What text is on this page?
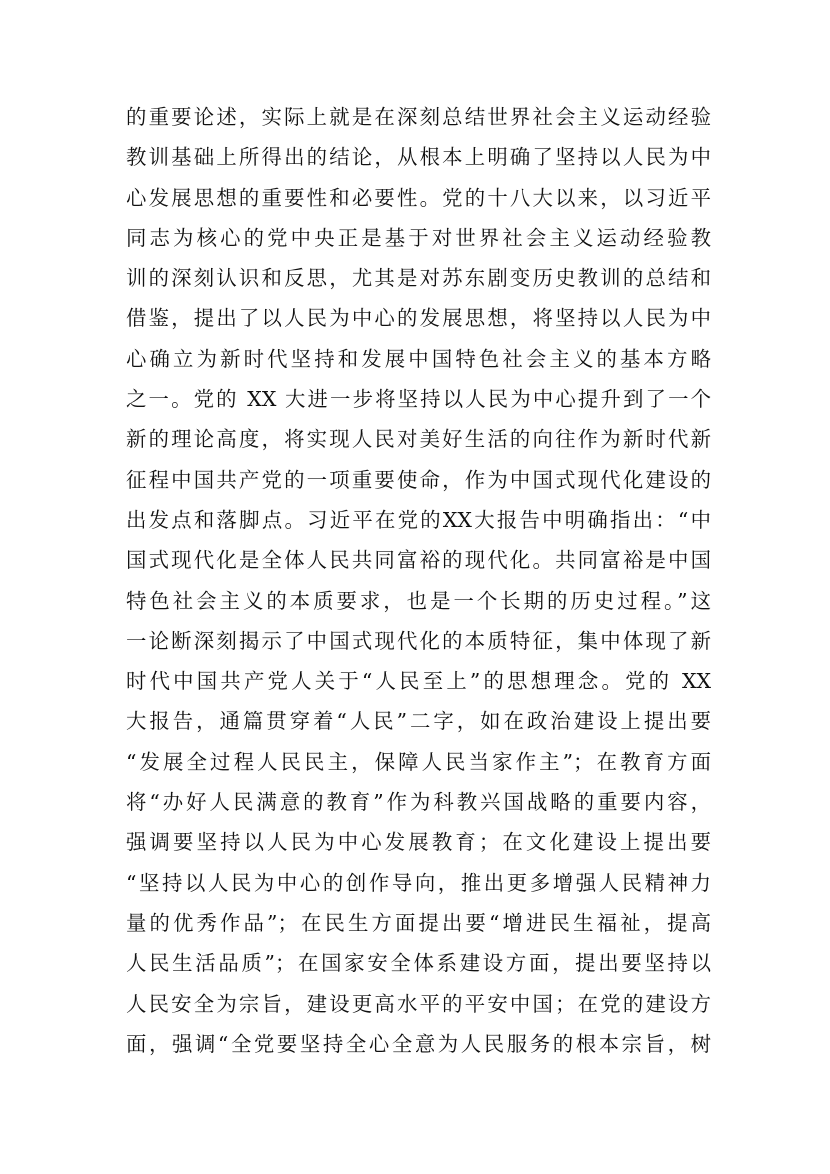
的重要论述，实际上就是在深刻总结世界社会主义运动经验
教训基础上所得出的结论，从根本上明确了坚持以人民为中
心发展思想的重要性和必要性。党的十八大以来，以习近平
同志为核心的党中央正是基于对世界社会主义运动经验教
训的深刻认识和反思，尤其是对苏东剧变历史教训的总结和
借鉴，提出了以人民为中心的发展思想，将坚持以人民为中
心确立为新时代坚持和发展中国特色社会主义的基本方略
之一。党的 XX 大进一步将坚持以人民为中心提升到了一个
新的理论高度，将实现人民对美好生活的向往作为新时代新
征程中国共产党的一项重要使命，作为中国式现代化建设的
出发点和落脚点。习近平在党的XX大报告中明确指出：“中
国式现代化是全体人民共同富裕的现代化。共同富裕是中国
特色社会主义的本质要求，也是一个长期的历史过程。”这
一论断深刻揭示了中国式现代化的本质特征，集中体现了新
时代中国共产党人关于“人民至上”的思想理念。党的 XX
大报告，通篇贯穿着“人民”二字，如在政治建设上提出要
“发展全过程人民民主，保障人民当家作主”；在教育方面
将“办好人民满意的教育”作为科教兴国战略的重要内容，
强调要坚持以人民为中心发展教育；在文化建设上提出要
“坚持以人民为中心的创作导向，推出更多增强人民精神力
量的优秀作品”；在民生方面提出要“增进民生福祉，提高
人民生活品质”；在国家安全体系建设方面，提出要坚持以
人民安全为宗旨，建设更高水平的平安中国；在党的建设方
面，强调“全党要坚持全心全意为人民服务的根本宗旨，树
